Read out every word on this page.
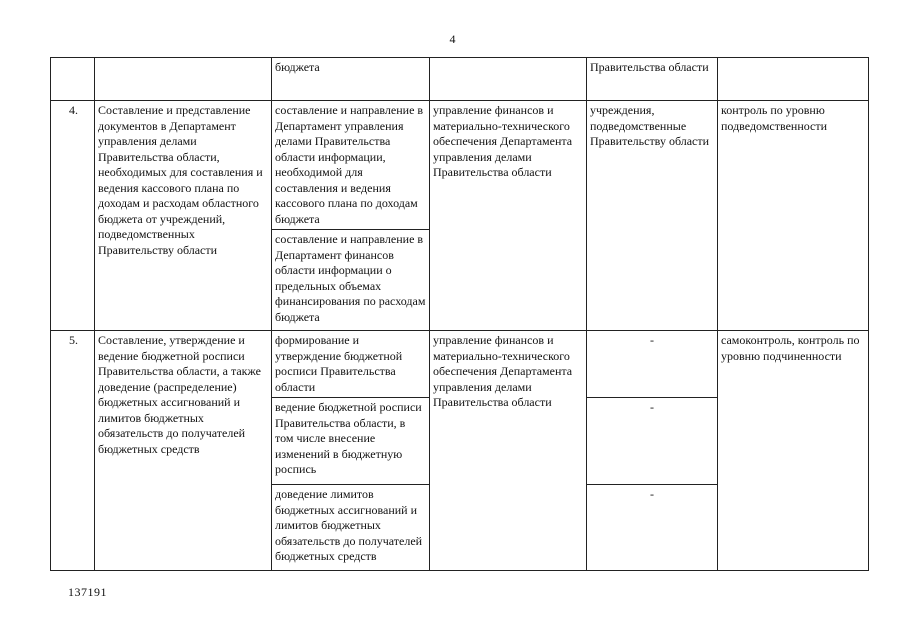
4
		бюджета		Правительства области	
4.	Составление и представление документов в Департамент управления делами Правительства области, необходимых для составления и ведения кассового плана по доходам и расходам областного бюджета от учреждений, подведомственных Правительству области	составление и направление в Департамент управления делами Правительства области информации, необходимой для составления и ведения кассового плана по доходам бюджета	управление финансов и материально-технического обеспечения Департамента управления делами Правительства области	учреждения, подведомственные Правительству области	контроль по уровню подведомственности
		составление и направление в Департамент финансов области информации о предельных объемах финансирования по расходам бюджета			
5.	Составление, утверждение и ведение бюджетной росписи Правительства области, а также доведение (распределение) бюджетных ассигнований и лимитов бюджетных обязательств до получателей бюджетных средств	формирование и утверждение бюджетной росписи Правительства области	управление финансов и материально-технического обеспечения Департамента управления делами Правительства области	-	самоконтроль, контроль по уровню подчиненности
		ведение бюджетной росписи Правительства области, в том числе внесение изменений в бюджетную роспись		-	
		доведение лимитов бюджетных ассигнований и лимитов бюджетных обязательств до получателей бюджетных средств		-	
137191
